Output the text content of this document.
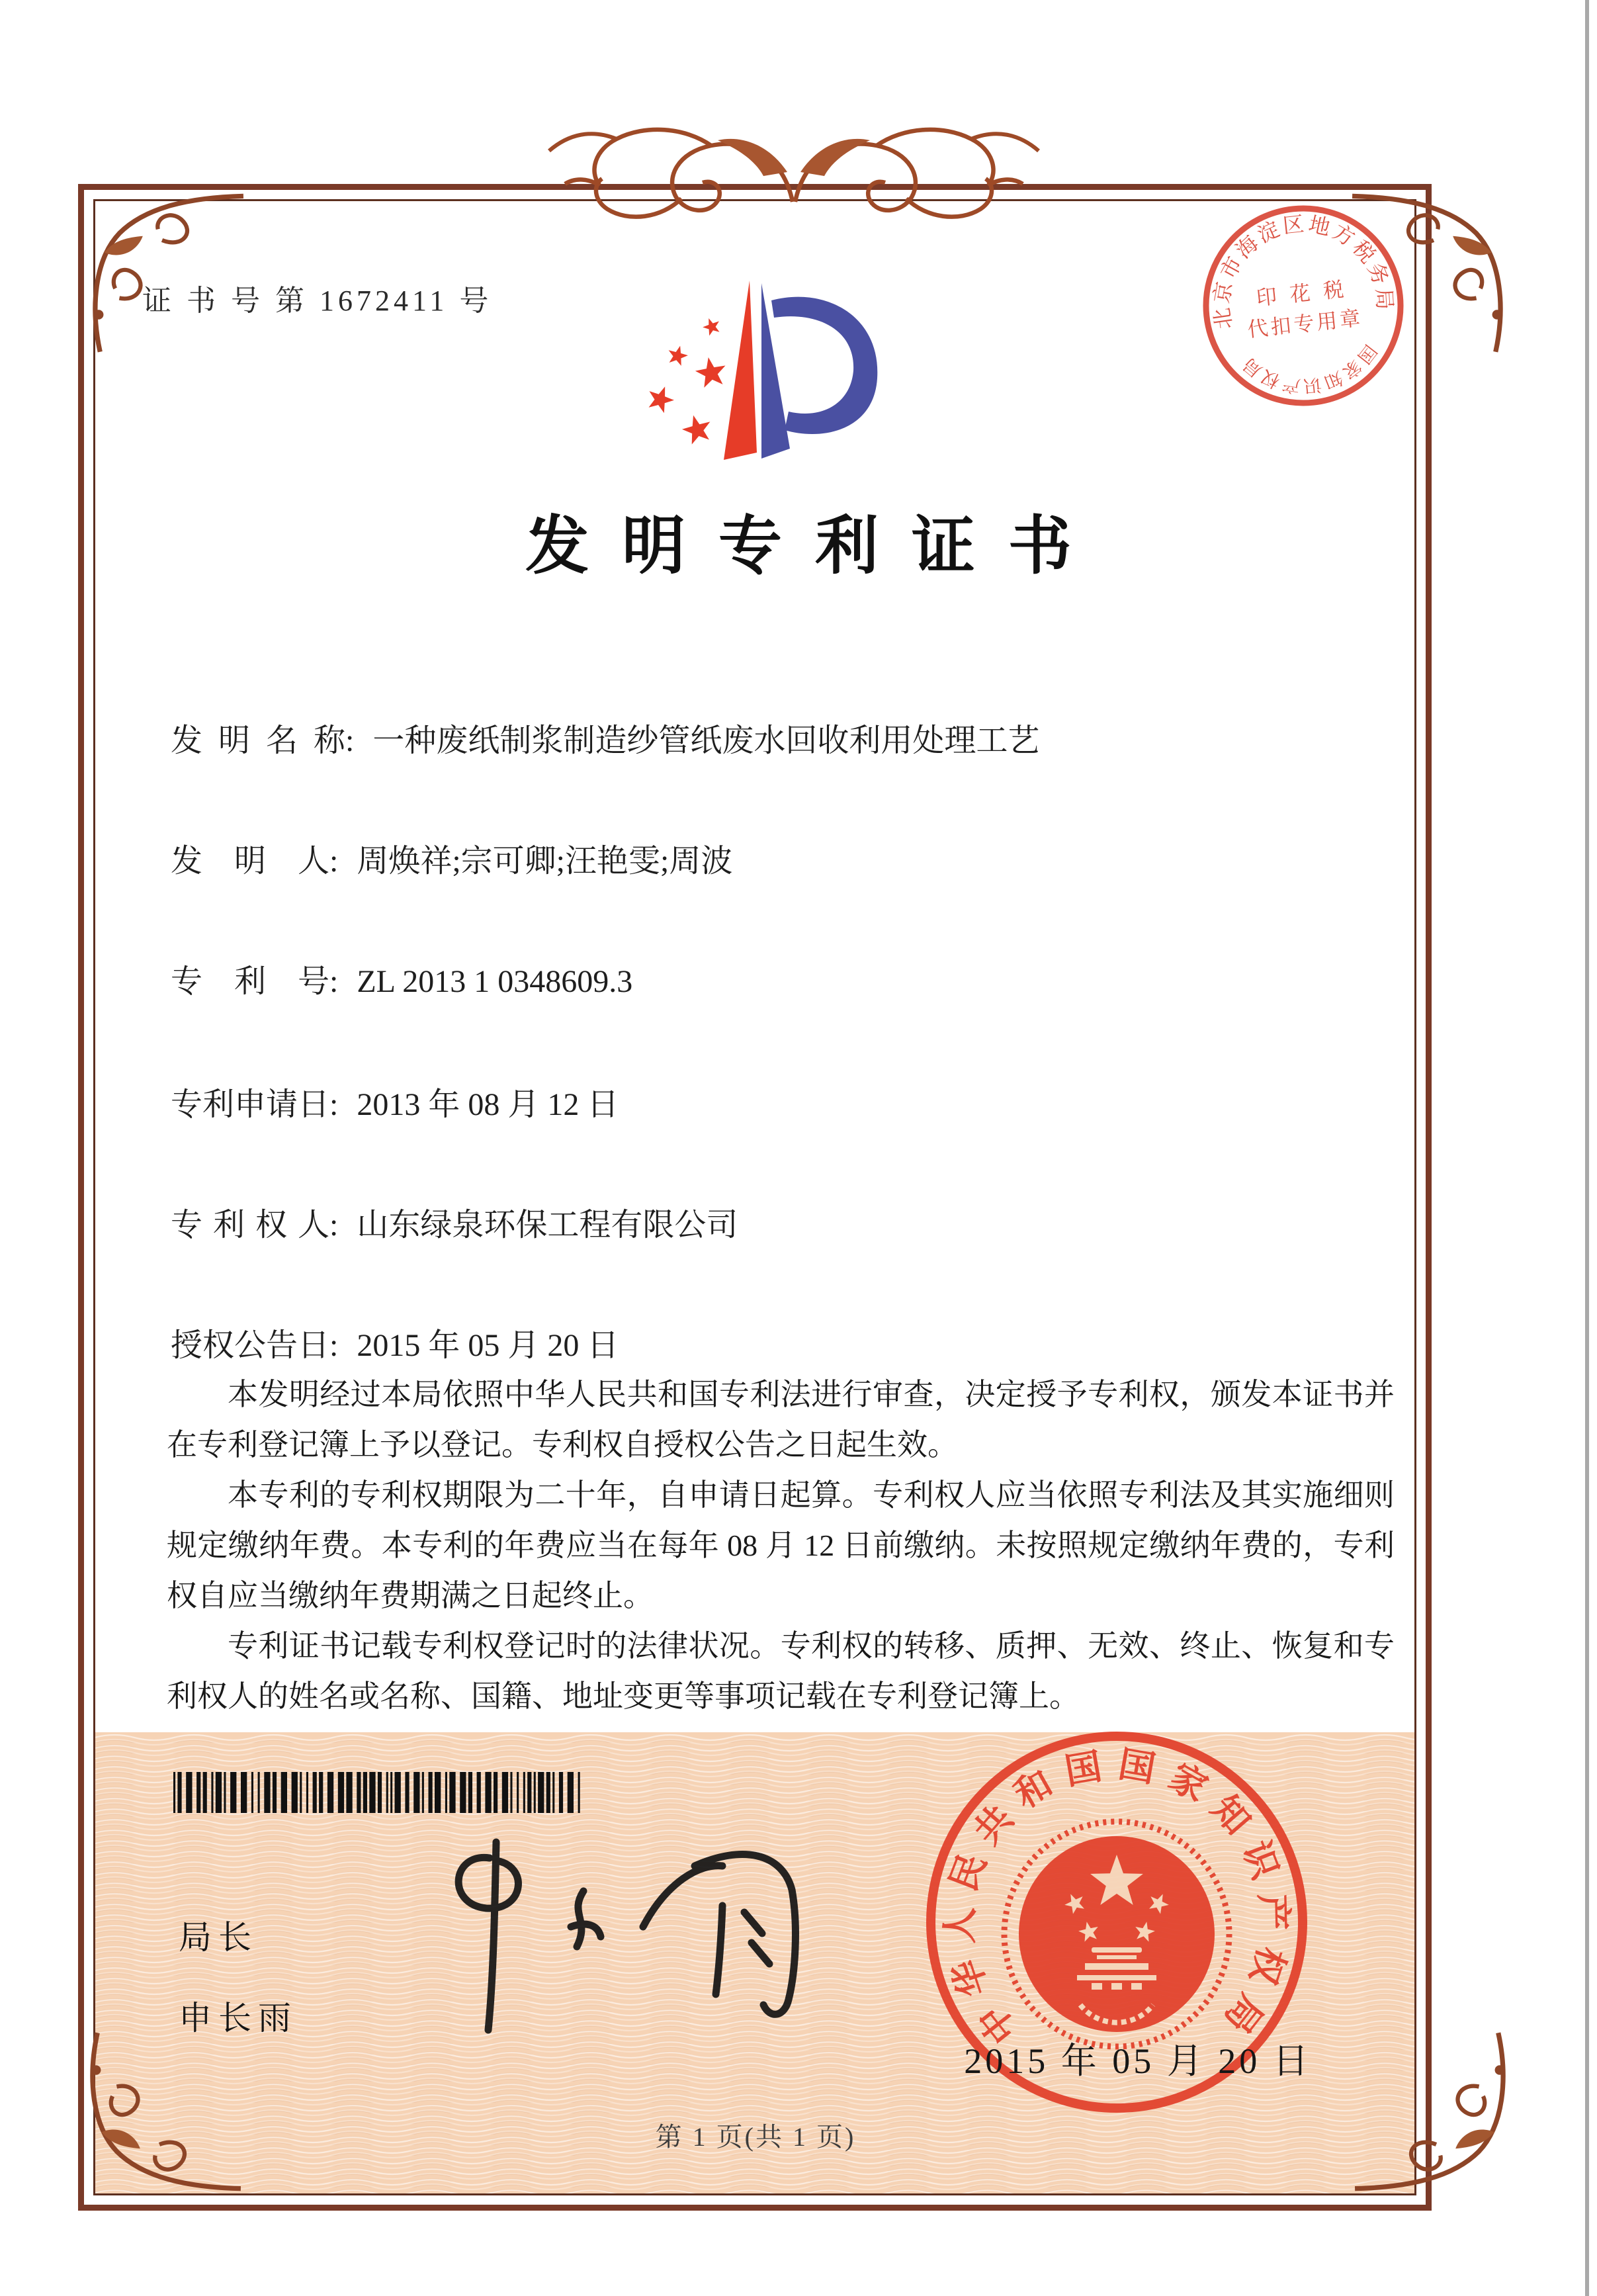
证 书 号 第 1672411 号
北京市海淀区地方税务局
国家知识产权局
印 花 税
代扣专用章
发明专利证书
发 明 名 称: 一种废纸制浆制造纱管纸废水回收利用处理工艺
发　明　人: 周焕祥;宗可卿;汪艳雯;周波
专　利　号: ZL 2013 1 0348609.3
专利申请日: 2013 年 08 月 12 日
专 利 权 人: 山东绿泉环保工程有限公司
授权公告日: 2015 年 05 月 20 日

本发明经过本局依照中华人民共和国专利法进行审查，决定授予专利权，颁发本证书并在专利登记簿上予以登记。专利权自授权公告之日起生效。

本专利的专利权期限为二十年，自申请日起算。专利权人应当依照专利法及其实施细则规定缴纳年费。本专利的年费应当在每年 08 月 12 日前缴纳。未按照规定缴纳年费的，专利权自应当缴纳年费期满之日起终止。

专利证书记载专利权登记时的法律状况。专利权的转移、质押、无效、终止、恢复和专利权人的姓名或名称、国籍、地址变更等事项记载在专利登记簿上。

局长
申长雨	中华人民共和国国家知识产权局
2015 年 05 月 20 日
第 1 页(共 1 页)
